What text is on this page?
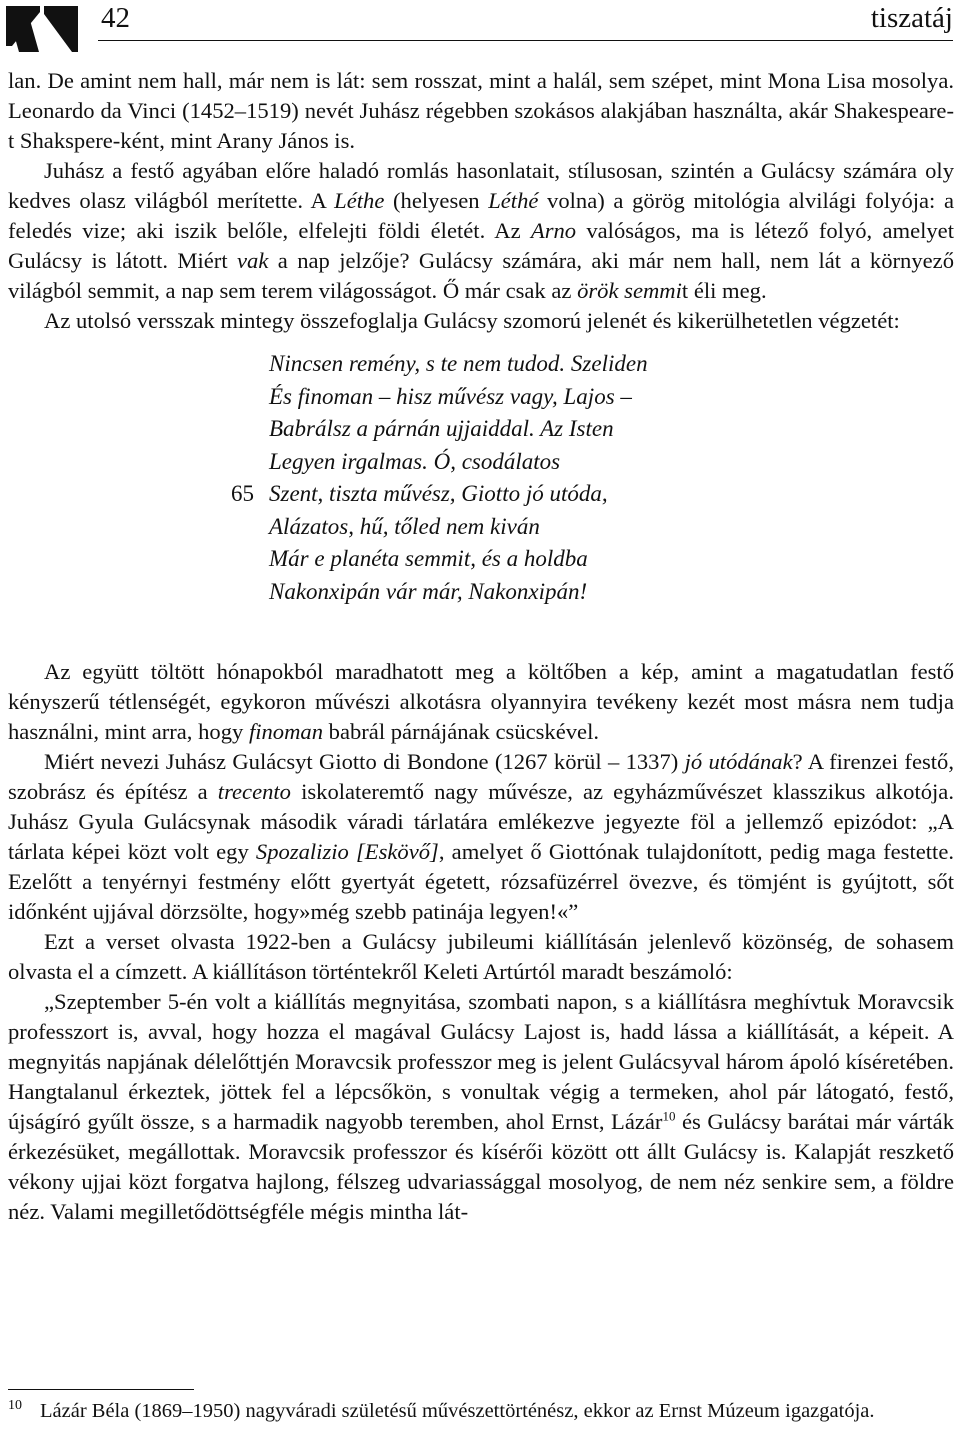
42	tiszatáj

lan. De amint nem hall, már nem is lát: sem rosszat, mint a halál, sem szépet, mint Mona Lisa mosolya. Leonardo da Vinci (1452–1519) nevét Juhász régebben szokásos alakjában használta, akár Shakespeare-t Shakspere-ként, mint Arany János is.

Juhász a festő agyában előre haladó romlás hasonlatait, stílusosan, szintén a Gulácsy számára oly kedves olasz világból merítette. A Léthe (helyesen Léthé volna) a görög mitológia alvilági folyója: a feledés vize; aki iszik belőle, elfelejti földi életét. Az Arno valóságos, ma is létező folyó, amelyet Gulácsy is látott. Miért vak a nap jelzője? Gulácsy számára, aki már nem hall, nem lát a környező világból semmit, a nap sem terem világosságot. Ő már csak az örök semmit éli meg.

Az utolsó versszak mintegy összefoglalja Gulácsy szomorú jelenét és kikerülhetetlen végzetét:

Nincsen remény, s te nem tudod. Szeliden
És finoman – hisz művész vagy, Lajos –
Babrálsz a párnán ujjaiddal. Az Isten
Legyen irgalmas. Ó, csodálatos
65 Szent, tiszta művész, Giotto jó utóda,
Alázatos, hű, tőled nem kiván
Már e planéta semmit, és a holdba
Nakonxipán vár már, Nakonxipán!

Az együtt töltött hónapokból maradhatott meg a költőben a kép, amint a magatudatlan festő kényszerű tétlenségét, egykoron művészi alkotásra olyannyira tevékeny kezét most másra nem tudja használni, mint arra, hogy finoman babrál párnájának csücskével.

Miért nevezi Juhász Gulácsyt Giotto di Bondone (1267 körül – 1337) jó utódának? A firenzei festő, szobrász és építész a trecento iskolateremtő nagy művésze, az egyházművészet klasszikus alkotója. Juhász Gyula Gulácsynak második váradi tárlatára emlékezve jegyezte föl a jellemző epizódot: „A tárlata képei közt volt egy Spozalizio [Eskövő], amelyet ő Giottónak tulajdonított, pedig maga festette. Ezelőtt a tenyérnyi festmény előtt gyertyát égetett, rózsafüzérrel övezve, és tömjént is gyújtott, sőt időnként ujjával dörzsölte, hogy»még szebb patinája legyen!«”

Ezt a verset olvasta 1922-ben a Gulácsy jubileumi kiállításán jelenlevő közönség, de sohasem olvasta el a címzett. A kiállításon történtekről Keleti Artúrtól maradt beszámoló:

„Szeptember 5-én volt a kiállítás megnyitása, szombati napon, s a kiállításra meghívtuk Moravcsik professzort is, avval, hogy hozza el magával Gulácsy Lajost is, hadd lássa a kiállítását, a képeit. A megnyitás napjának délelőttjén Moravcsik professzor meg is jelent Gulácsyval három ápoló kíséretében. Hangtalanul érkeztek, jöttek fel a lépcsőkön, s vonultak végig a termeken, ahol pár látogató, festő, újságíró gyűlt össze, s a harmadik nagyobb teremben, ahol Ernst, Lázár$^{10}$ és Gulácsy barátai már várták érkezésüket, megállottak. Moravcsik professzor és kísérői között ott állt Gulácsy is. Kalapját reszkető vékony ujjai közt forgatva hajlong, félszeg udvariassággal mosolyog, de nem néz senkire sem, a földre néz. Valami megilletődöttségféle mégis mintha lát-

10 Lázár Béla (1869–1950) nagyváradi születésű művészettörténész, ekkor az Ernst Múzeum igazgatója.
